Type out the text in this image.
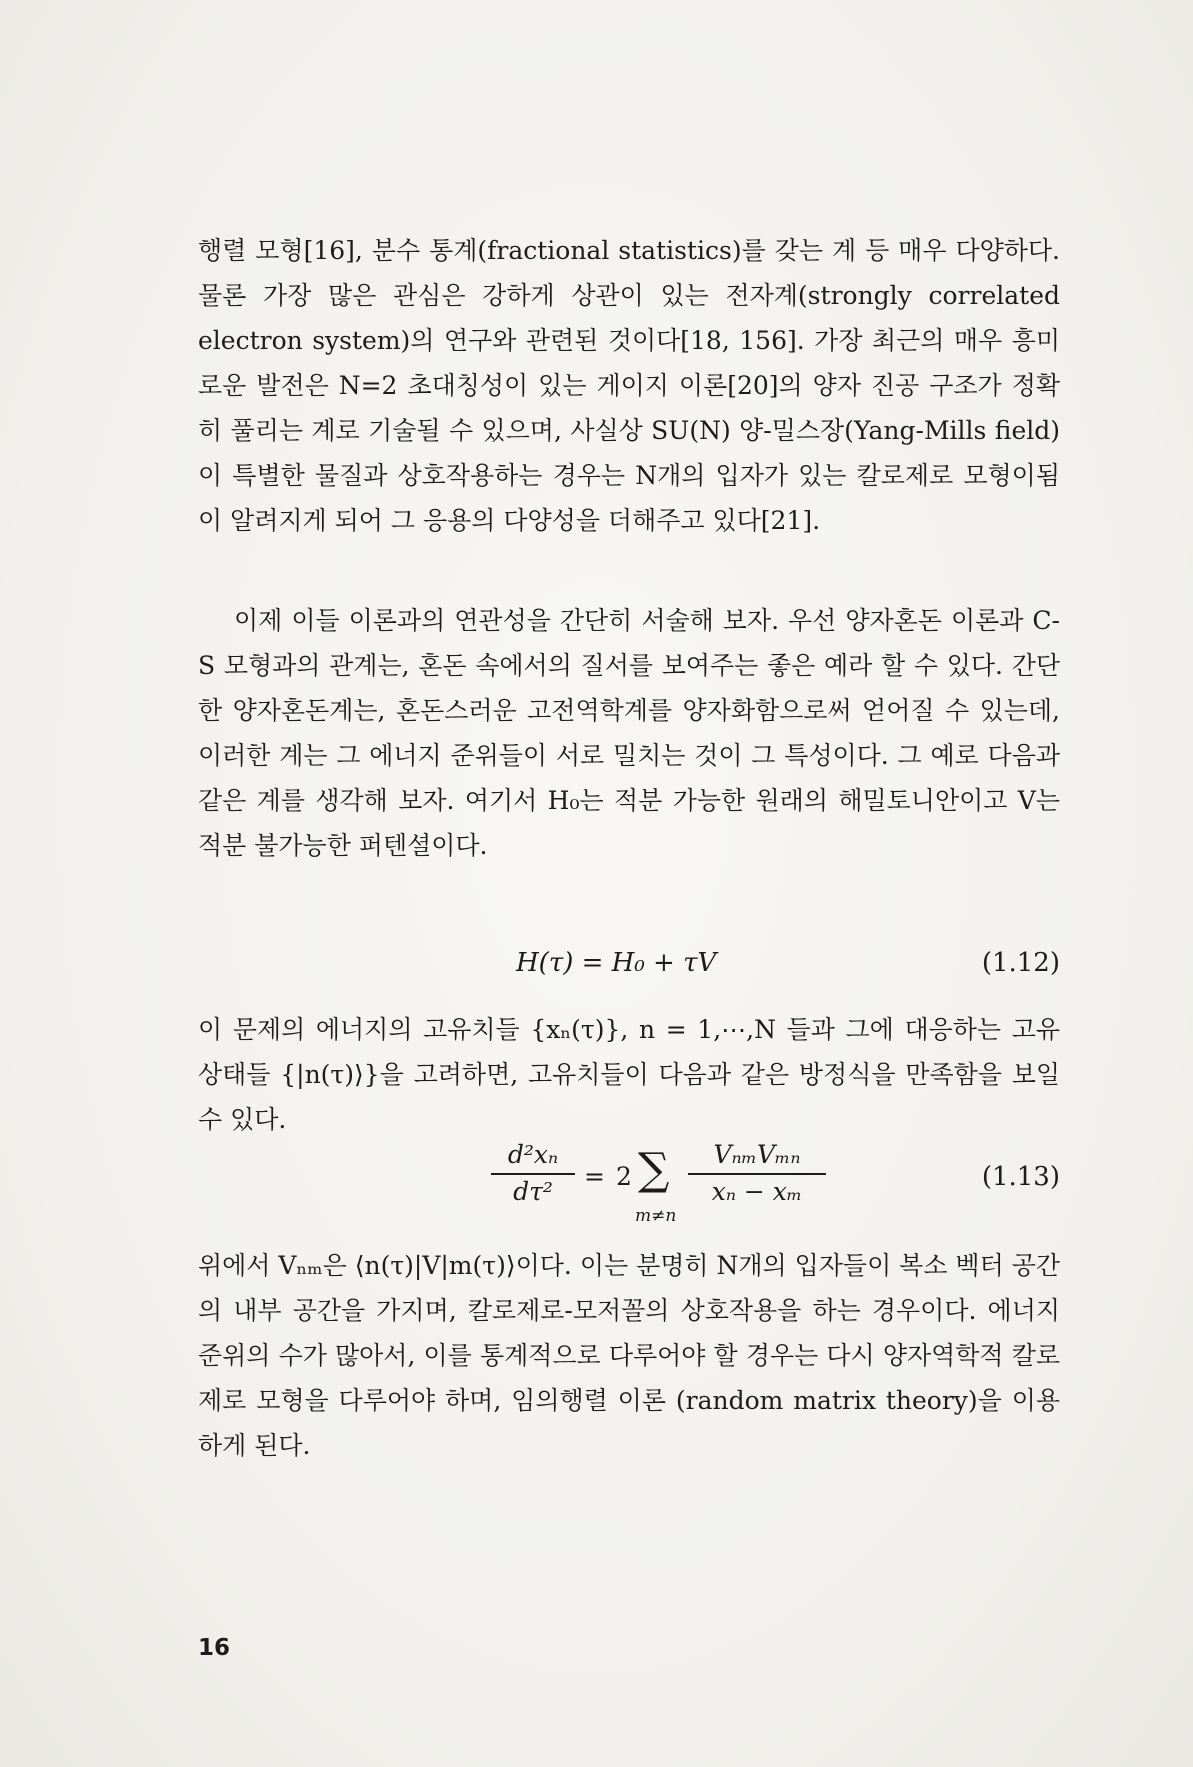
행렬 모형[16], 분수 통계(fractional statistics)를 갖는 계 등 매우 다양하다. 물론 가장 많은 관심은 강하게 상관이 있는 전자계(strongly correlated electron system)의 연구와 관련된 것이다[18, 156]. 가장 최근의 매우 흥미로운 발전은 N=2 초대칭성이 있는 게이지 이론[20]의 양자 진공 구조가 정확히 풀리는 계로 기술될 수 있으며, 사실상 SU(N) 양-밀스장(Yang-Mills field)이 특별한 물질과 상호작용하는 경우는 N개의 입자가 있는 칼로제로 모형이됨이 알려지게 되어 그 응용의 다양성을 더해주고 있다[21].

이제 이들 이론과의 연관성을 간단히 서술해 보자. 우선 양자혼돈 이론과 C-S 모형과의 관계는, 혼돈 속에서의 질서를 보여주는 좋은 예라 할 수 있다. 간단한 양자혼돈계는, 혼돈스러운 고전역학계를 양자화함으로써 얻어질 수 있는데, 이러한 계는 그 에너지 준위들이 서로 밀치는 것이 그 특성이다. 그 예로 다음과 같은 계를 생각해 보자. 여기서 H₀는 적분 가능한 원래의 해밀토니안이고 V는 적분 불가능한 퍼텐셜이다.

H(τ) = H₀ + τV	(1.12)

이 문제의 에너지의 고유치들 {xₙ(τ)}, n = 1,⋯,N 들과 그에 대응하는 고유 상태들 {|n(τ)⟩}을 고려하면, 고유치들이 다음과 같은 방정식을 만족함을 보일 수 있다.

d²xₙ
dτ²
= 2 ∑
m≠n
VₙₘVₘₙ
xₙ − xₘ	(1.13)

위에서 Vₙₘ은 ⟨n(τ)|V|m(τ)⟩이다. 이는 분명히 N개의 입자들이 복소 벡터 공간의 내부 공간을 가지며, 칼로제로-모저꼴의 상호작용을 하는 경우이다. 에너지 준위의 수가 많아서, 이를 통계적으로 다루어야 할 경우는 다시 양자역학적 칼로제로 모형을 다루어야 하며, 임의행렬 이론 (random matrix theory)을 이용하게 된다.

16
